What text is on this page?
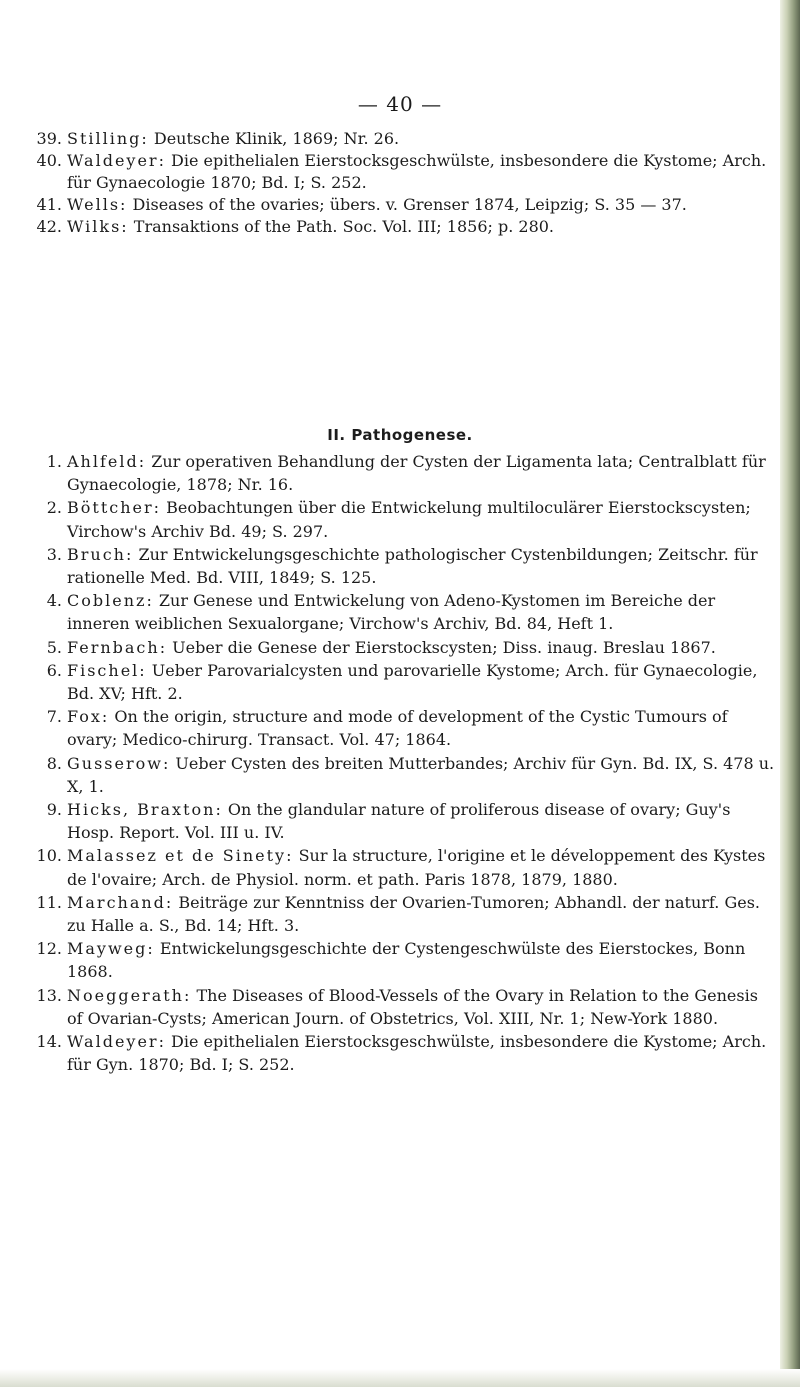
— 40 —
39. Stilling: Deutsche Klinik, 1869; Nr. 26.
40. Waldeyer: Die epithelialen Eierstocksgeschwülste, insbesondere die Kystome; Arch. für Gynaecologie 1870; Bd. I; S. 252.
41. Wells: Diseases of the ovaries; übers. v. Grenser 1874, Leipzig; S. 35 — 37.
42. Wilks: Transaktions of the Path. Soc. Vol. III; 1856; p. 280.
II. Pathogenese.
1. Ahlfeld: Zur operativen Behandlung der Cysten der Ligamenta lata; Centralblatt für Gynaecologie, 1878; Nr. 16.
2. Böttcher: Beobachtungen über die Entwickelung multiloculärer Eierstockscysten; Virchow's Archiv Bd. 49; S. 297.
3. Bruch: Zur Entwickelungsgeschichte pathologischer Cystenbildungen; Zeitschr. für rationelle Med. Bd. VIII, 1849; S. 125.
4. Coblenz: Zur Genese und Entwickelung von Adeno-Kystomen im Bereiche der inneren weiblichen Sexualorgane; Virchow's Archiv, Bd. 84, Heft 1.
5. Fernbach: Ueber die Genese der Eierstockscysten; Diss. inaug. Breslau 1867.
6. Fischel: Ueber Parovarialcysten und parovarielle Kystome; Arch. für Gynaecologie, Bd. XV; Hft. 2.
7. Fox: On the origin, structure and mode of development of the Cystic Tumours of ovary; Medico-chirurg. Transact. Vol. 47; 1864.
8. Gusserow: Ueber Cysten des breiten Mutterbandes; Archiv für Gyn. Bd. IX, S. 478 u. X, 1.
9. Hicks, Braxton: On the glandular nature of proliferous disease of ovary; Guy's Hosp. Report. Vol. III u. IV.
10. Malassez et de Sinety: Sur la structure, l'origine et le développement des Kystes de l'ovaire; Arch. de Physiol. norm. et path. Paris 1878, 1879, 1880.
11. Marchand: Beiträge zur Kenntniss der Ovarien-Tumoren; Abhandl. der naturf. Ges. zu Halle a. S., Bd. 14; Hft. 3.
12. Mayweg: Entwickelungsgeschichte der Cystengeschwülste des Eierstockes, Bonn 1868.
13. Noeggerath: The Diseases of Blood-Vessels of the Ovary in Relation to the Genesis of Ovarian-Cysts; American Journ. of Obstetrics, Vol. XIII, Nr. 1; New-York 1880.
14. Waldeyer: Die epithelialen Eierstocksgeschwülste, insbesondere die Kystome; Arch. für Gyn. 1870; Bd. I; S. 252.
